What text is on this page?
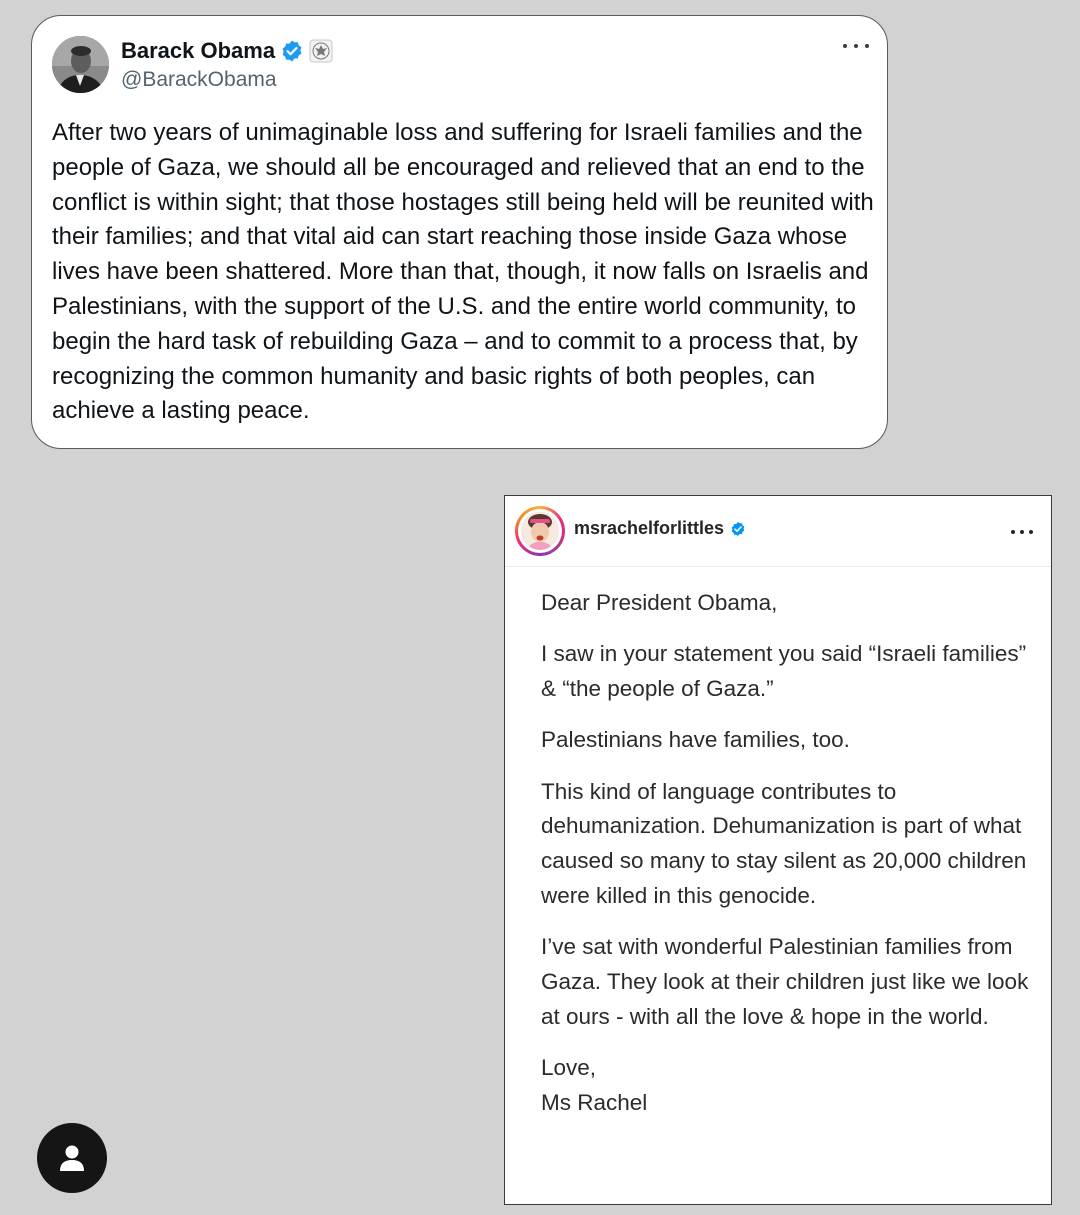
Barack Obama
@BarackObama

After two years of unimaginable loss and suffering for Israeli families and the people of Gaza, we should all be encouraged and relieved that an end to the conflict is within sight; that those hostages still being held will be reunited with their families; and that vital aid can start reaching those inside Gaza whose lives have been shattered. More than that, though, it now falls on Israelis and Palestinians, with the support of the U.S. and the entire world community, to begin the hard task of rebuilding Gaza – and to commit to a process that, by recognizing the common humanity and basic rights of both peoples, can achieve a lasting peace.

msrachelforlittles

Dear President Obama,

I saw in your statement you said “Israeli families” & “the people of Gaza.”

Palestinians have families, too.

This kind of language contributes to dehumanization. Dehumanization is part of what caused so many to stay silent as 20,000 children were killed in this genocide.

I’ve sat with wonderful Palestinian families from Gaza. They look at their children just like we look at ours - with all the love & hope in the world.

Love,
Ms Rachel
